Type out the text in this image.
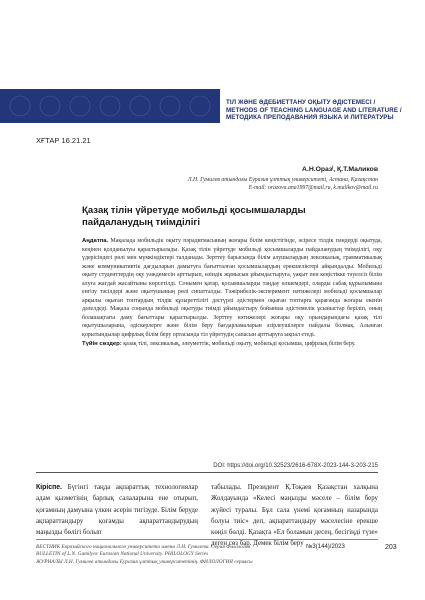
ТІЛ ЖӘНЕ ӘДЕБИЕТТАНУ ОҚЫТУ ӘДІСТЕМЕСІ /
METHODS OF TEACHING LANGUAGE AND LITERATURE /
МЕТОДИКА ПРЕПОДАВАНИЯ ЯЗЫКА И ЛИТЕРАТУРЫ
ХҒТАР 16.21.21
А.Н.Оразˡ, Қ.Т.Маликов
Л.Н. Гумилев атындағы Еуразия ұлттық университеті, Астана, Қазақстан
E-mail: orazova.ana1997@mail.ru, k.malikov@mail.ru
Қазақ тілін үйретуде мобильді қосымшаларды
пайдаланудың тиімділігі

Аңдатпа. Мақалада мобильдік оқыту пәрадигмасының жоғары білім кеңістігінде, әсіресе тілдік пәндерді оқытуда, кеңінен қолданылуы қарастырылады. Қазақ тілін үйретуде мобильді қосымшаларды пайдаланудың тиімділігі, оқу үдерісіндегі рөлі мен мүмкіндіктері талданады. Зерттеу барысында білім алушылардың лексикалық, грамматикалық және коммуникативтік дағдыларын дамытуға бағытталған қосымшалардың ерекшеліктері айқындалды. Мобильді оқыту студенттердің оқу уәждемесін арттырып, өзіндік жұмысын ұйымдастыруға, уақыт пен кеңістікке тәуелсіз білім алуға жағдай жасайтыны көрсетілді. Сонымен қатар, қосымшаларды таңдау өлшемдері, оларды сабақ құрылымына енгізу тәсілдері және оқытушының рөлі сипатталды. Тәжірибелік-эксперимент нәтижелері мобильді қосымшалар арқылы оқыған топтардың тілдік құзыреттілігі дәстүрлі әдістермен оқыған топтарға қарағанда жоғары екенін дәлелдеді. Мақала соңында мобильді оқытуды тиімді ұйымдастыру бойынша әдістемелік ұсыныстар беріліп, оның болашақтағы даму бағыттары қарастырылды. Зерттеу нәтижелері жоғары оқу орындарындағы қазақ тілі оқытушыларына, әдіскерлерге және білім беру бағдарламаларын әзірлеушілерге пайдалы болмақ. Алынған қорытындылар цифрлық білім беру ортасында тіл үйретудің сапасын арттыруға ықпал етеді.

Түйін сөздер: қазақ тілі, лексикалық, әлеуметтік, мобильді оқыту, мобильді қосымша, цифрлық білім беру.

DOI: https://doi.org/10.32523/2616-678X-2023-144-3-203-215
Кіріспе. Бүгінгі таңда ақпараттық технологиялар адам қызметінің барлық салаларына ене отырып, қоғамның дамуына үлкен әсерін тигізуде. Білім беруде ақпараттандыру қоғамды ақпараттандырудың маңызды бөлігі болып
табылады. Президент Қ.Тоқаев Қазақстан халқына Жолдауында «Келесі маңызды мәселе – білім беру жүйесі туралы. Бұл сала үнемі қоғамның назарында болуы тиіс» деп, ақпараттандыру мәселесіне ерекше көңіл бөлді. Қазақта «Ел боламын десең, бесігіңді түзе» деген сөз бар. Демек білім беру
ВЕСТНИК Евразийского национального университета имени Л.Н. Гумилева. Серия Филология
BULLETIN of L.N. Gumilyov Eurasian National University. PHILOLOGY Series
ЖУРНАЛЫ Л.Н. Гумилев атындағы Еуразия ұлттық университетінің. ФИЛОЛОГИЯ сериясы
№3(144)/2023	203
